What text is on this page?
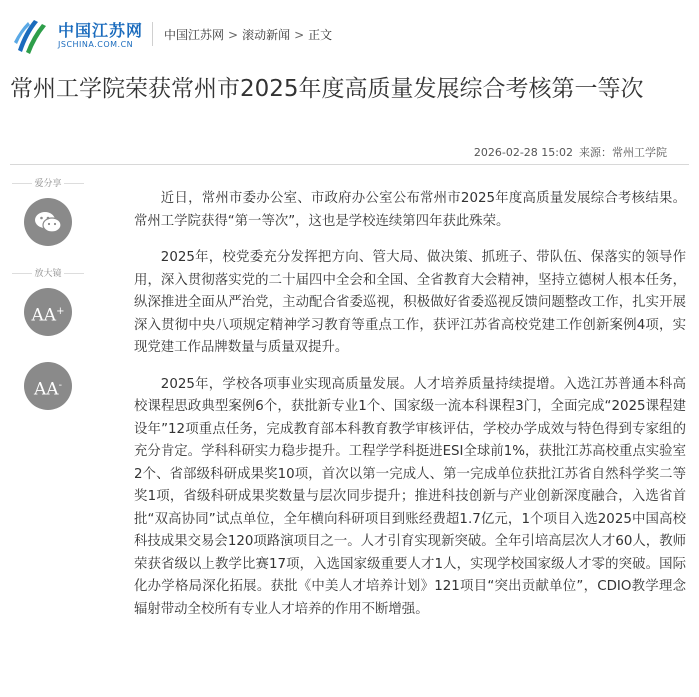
中国江苏网
JSCHINA.COM.CN
中国江苏网 > 滚动新闻 > 正文
常州工学院荣获常州市2025年度高质量发展综合考核第一等次
2026-02-28 15:02 来源：常州工学院
爱分享
放大镜
AA+
AA-

近日，常州市委办公室、市政府办公室公布常州市2025年度高质量发展综合考核结果。常州工学院获得“第一等次”，这也是学校连续第四年获此殊荣。

2025年，校党委充分发挥把方向、管大局、做决策、抓班子、带队伍、保落实的领导作用，深入贯彻落实党的二十届四中全会和全国、全省教育大会精神，坚持立德树人根本任务，纵深推进全面从严治党，主动配合省委巡视，积极做好省委巡视反馈问题整改工作，扎实开展深入贯彻中央八项规定精神学习教育等重点工作，获评江苏省高校党建工作创新案例4项，实现党建工作品牌数量与质量双提升。

2025年，学校各项事业实现高质量发展。人才培养质量持续提增。入选江苏普通本科高校课程思政典型案例6个，获批新专业1个、国家级一流本科课程3门，全面完成“2025课程建设年”12项重点任务，完成教育部本科教育教学审核评估，学校办学成效与特色得到专家组的充分肯定。学科科研实力稳步提升。工程学学科挺进ESI全球前1%，获批江苏高校重点实验室2个、省部级科研成果奖10项，首次以第一完成人、第一完成单位获批江苏省自然科学奖二等奖1项，省级科研成果奖数量与层次同步提升；推进科技创新与产业创新深度融合，入选省首批“双高协同”试点单位，全年横向科研项目到账经费超1.7亿元，1个项目入选2025中国高校科技成果交易会120项路演项目之一。人才引育实现新突破。全年引培高层次人才60人，教师荣获省级以上教学比赛17项，入选国家级重要人才1人，实现学校国家级人才零的突破。国际化办学格局深化拓展。获批《中美人才培养计划》121项目“突出贡献单位”，CDIO教学理念辐射带动全校所有专业人才培养的作用不断增强。
